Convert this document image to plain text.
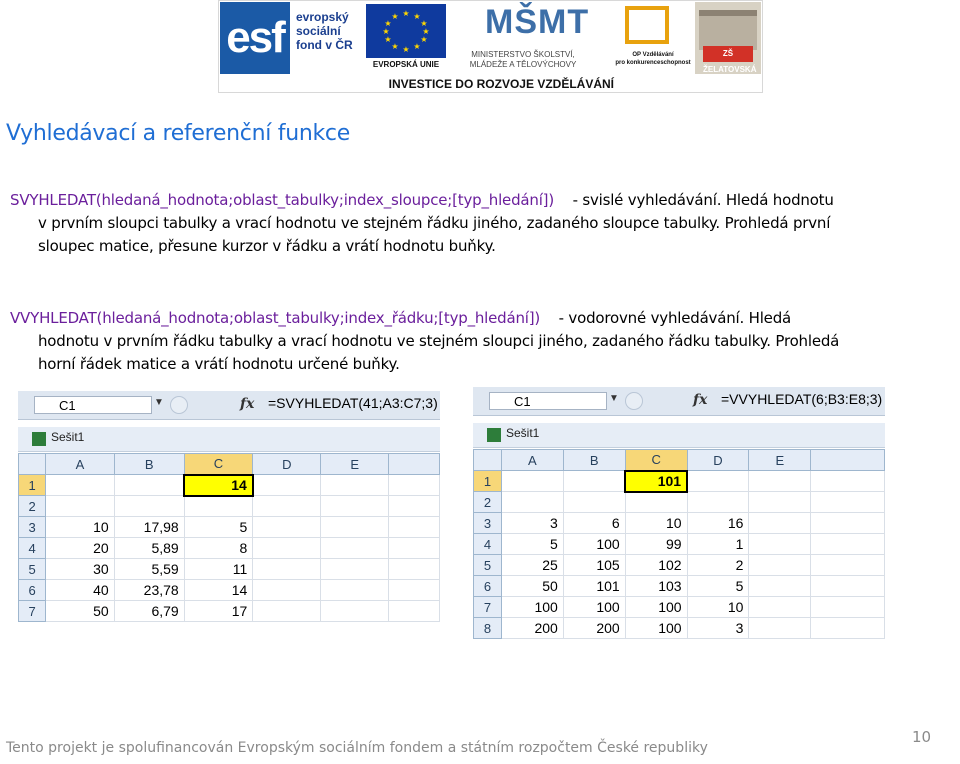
esf	evropský
sociální
fond v ČR
★ ★
★
★
★
★
★
★
★
★
★
★
EVROPSKÁ UNIE
MŠMT
MINISTERSTVO ŠKOLSTVÍ,
MLÁDEŽE A TĚLOVÝCHOVY
OP Vzdělávání
pro konkurenceschopnost
ZŠ ŽELATOVSKÁ
INVESTICE DO ROZVOJE VZDĚLÁVÁNÍ
Vyhledávací a referenční funkce
SVYHLEDAT(hledaná_hodnota;oblast_tabulky;index_sloupce;[typ_hledání]) - svislé vyhledávání. Hledá hodnotu
v prvním sloupci tabulky a vrací hodnotu ve stejném řádku jiného, zadaného sloupce tabulky. Prohledá první
sloupec matice, přesune kurzor v řádku a vrátí hodnotu buňky.
VVYHLEDAT(hledaná_hodnota;oblast_tabulky;index_řádku;[typ_hledání]) - vodorovné vyhledávání. Hledá
hodnotu v prvním řádku tabulky a vrací hodnotu ve stejném sloupci jiného, zadaného řádku tabulky. Prohledá
horní řádek matice a vrátí hodnotu určené buňky.
C1	▼	fx =SVYHLEDAT(41;A3:C7;3)
Sešit1
	A	B	C	D	E	
1			14			
2						
3	10	17,98	5			
4	20	5,89	8			
5	30	5,59	11			
6	40	23,78	14			
7	50	6,79	17			
C1	▼	fx =VVYHLEDAT(6;B3:E8;3)
Sešit1
	A	B	C	D	E	
1			101			
2						
3	3	6	10	16		
4	5	100	99	1		
5	25	105	102	2		
6	50	101	103	5		
7	100	100	100	10		
8	200	200	100	3		
Tento projekt je spolufinancován Evropským sociálním fondem a státním rozpočtem České republiky
10
